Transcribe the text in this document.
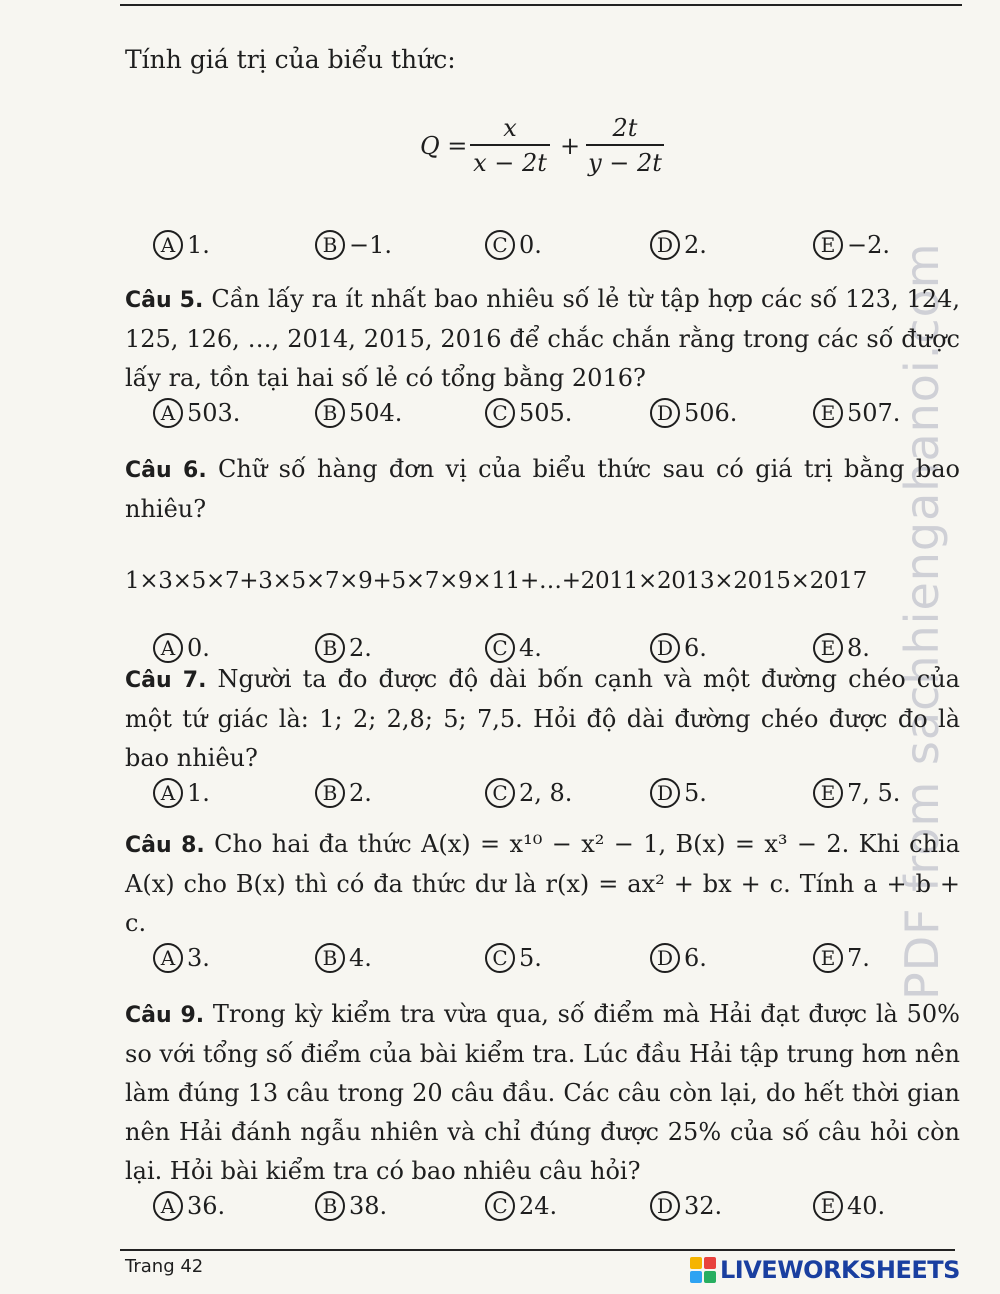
PDF from sachhiengahanoi.com

Tính giá trị của biểu thức:

Q =
x
x − 2t
+
2t
y − 2t
A 1.	B −1.	C 0.	D 2.	E −2.

Câu 5. Cần lấy ra ít nhất bao nhiêu số lẻ từ tập hợp các số 123, 124, 125, 126, …, 2014, 2015, 2016 để chắc chắn rằng trong các số được lấy ra, tồn tại hai số lẻ có tổng bằng 2016?

A 503.	B 504.	C 505.	D 506.	E 507.

Câu 6. Chữ số hàng đơn vị của biểu thức sau có giá trị bằng bao nhiêu?

1×3×5×7+3×5×7×9+5×7×9×11+…+2011×2013×2015×2017
A 0.	B 2.	C 4.	D 6.	E 8.

Câu 7. Người ta đo được độ dài bốn cạnh và một đường chéo của một tứ giác là: 1; 2; 2,8; 5; 7,5. Hỏi độ dài đường chéo được đo là bao nhiêu?

A 1.	B 2.	C 2, 8.	D 5.	E 7, 5.

Câu 8. Cho hai đa thức A(x) = x¹⁰ − x² − 1, B(x) = x³ − 2. Khi chia A(x) cho B(x) thì có đa thức dư là r(x) = ax² + bx + c. Tính a + b + c.

A 3.	B 4.	C 5.	D 6.	E 7.

Câu 9. Trong kỳ kiểm tra vừa qua, số điểm mà Hải đạt được là 50% so với tổng số điểm của bài kiểm tra. Lúc đầu Hải tập trung hơn nên làm đúng 13 câu trong 20 câu đầu. Các câu còn lại, do hết thời gian nên Hải đánh ngẫu nhiên và chỉ đúng được 25% của số câu hỏi còn lại. Hỏi bài kiểm tra có bao nhiêu câu hỏi?

A 36.	B 38.	C 24.	D 32.	E 40.
Trang 42	LIVEWORKSHEETS
